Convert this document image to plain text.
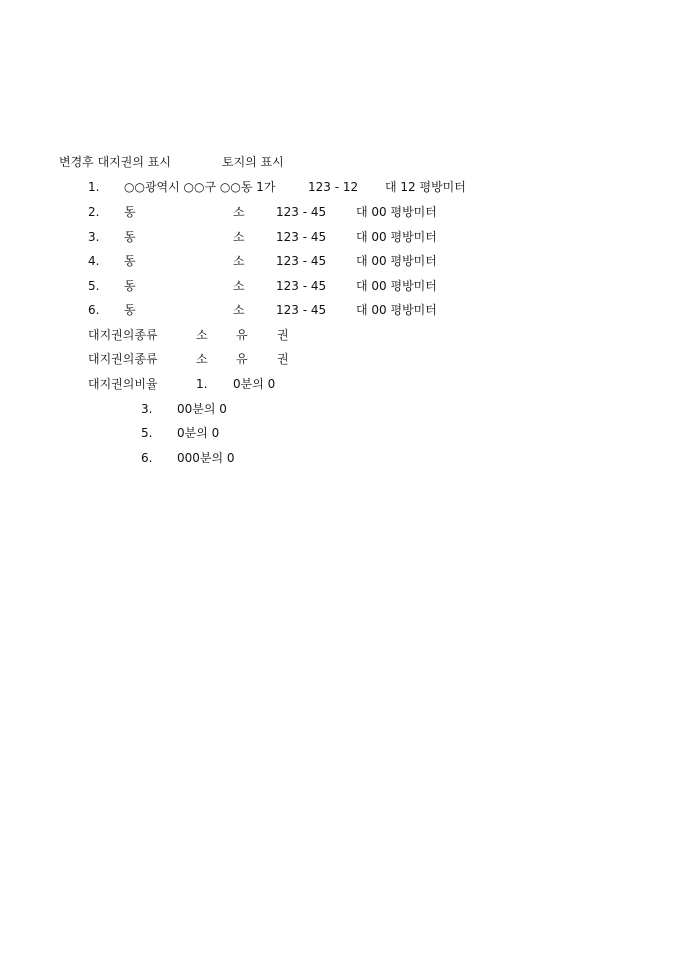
변경후 대지권의 표시	토지의 표시
1. ○○광역시 ○○구 ○○동 1가	123 - 12 대 12 평방미터
2. 동	소	123 - 45 대 00 평방미터
3. 동	소	123 - 45 대 00 평방미터
4. 동	소	123 - 45 대 00 평방미터
5. 동	소	123 - 45 대 00 평방미터
6. 동	소	123 - 45 대 00 평방미터
대지권의종류	소 유 권
대지권의종류	소 유 권
대지권의비율	1. 0분의 0
3. 00분의 0
5. 0분의 0
6. 000분의 0
